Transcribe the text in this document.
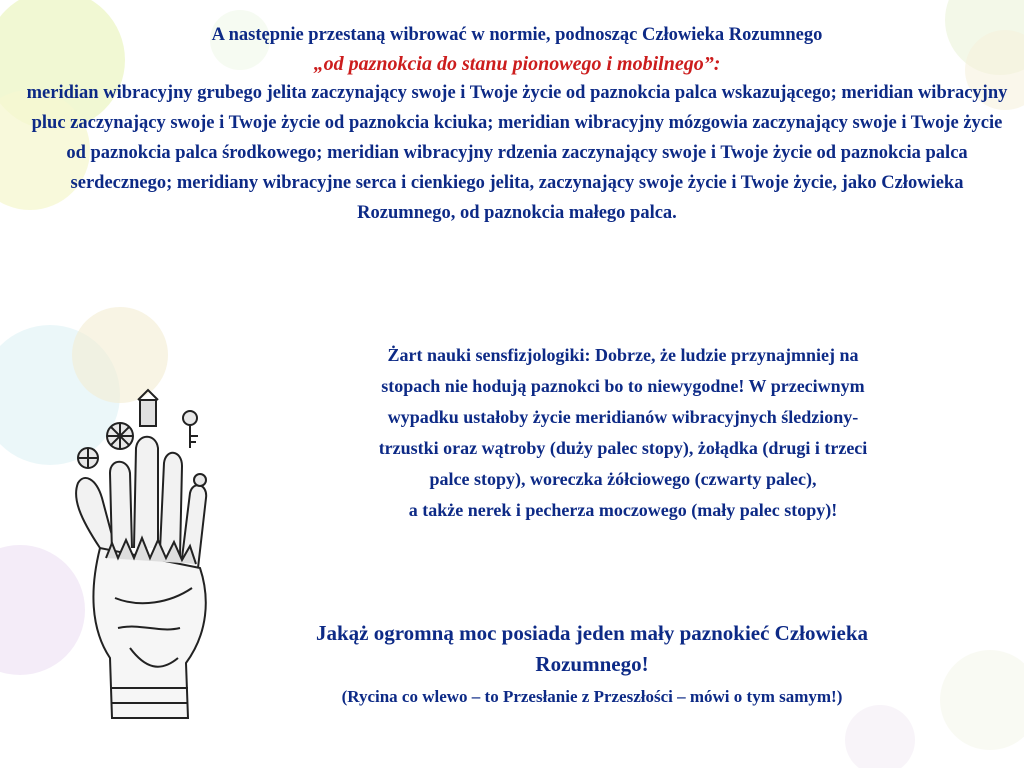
A następnie przestaną wibrować w normie, podnosząc Człowieka Rozumnego
„od paznokcia do stanu pionowego i mobilnego”:
meridian wibracyjny grubego jelita zaczynający swoje i Twoje życie od paznokcia palca wskazującego; meridian wibracyjny pluc zaczynający swoje i Twoje życie od paznokcia kciuka; meridian wibracyjny mózgowia zaczynający swoje i Twoje życie od paznokcia palca środkowego; meridian wibracyjny rdzenia zaczynający swoje i Twoje życie od paznokcia palca serdecznego; meridiany wibracyjne serca i cienkiego jelita, zaczynający swoje życie i Twoje życie, jako Człowieka Rozumnego, od paznokcia małego palca.
Żart nauki sensfizjologiki: Dobrze, że ludzie przynajmniej na
stopach nie hodują paznokci bo to niewygodne! W przeciwnym
wypadku ustałoby życie meridianów wibracyjnych śledziony-
trzustki oraz wątroby (duży palec stopy), żołądka (drugi i trzeci
palce stopy), woreczka żółciowego (czwarty palec),
a także nerek i pecherza moczowego (mały palec stopy)!
Jakąż ogromną moc posiada jeden mały paznokieć Człowieka
Rozumnego!
(Rycina co wlewo – to Przesłanie z Przeszłości – mówi o tym samym!)
